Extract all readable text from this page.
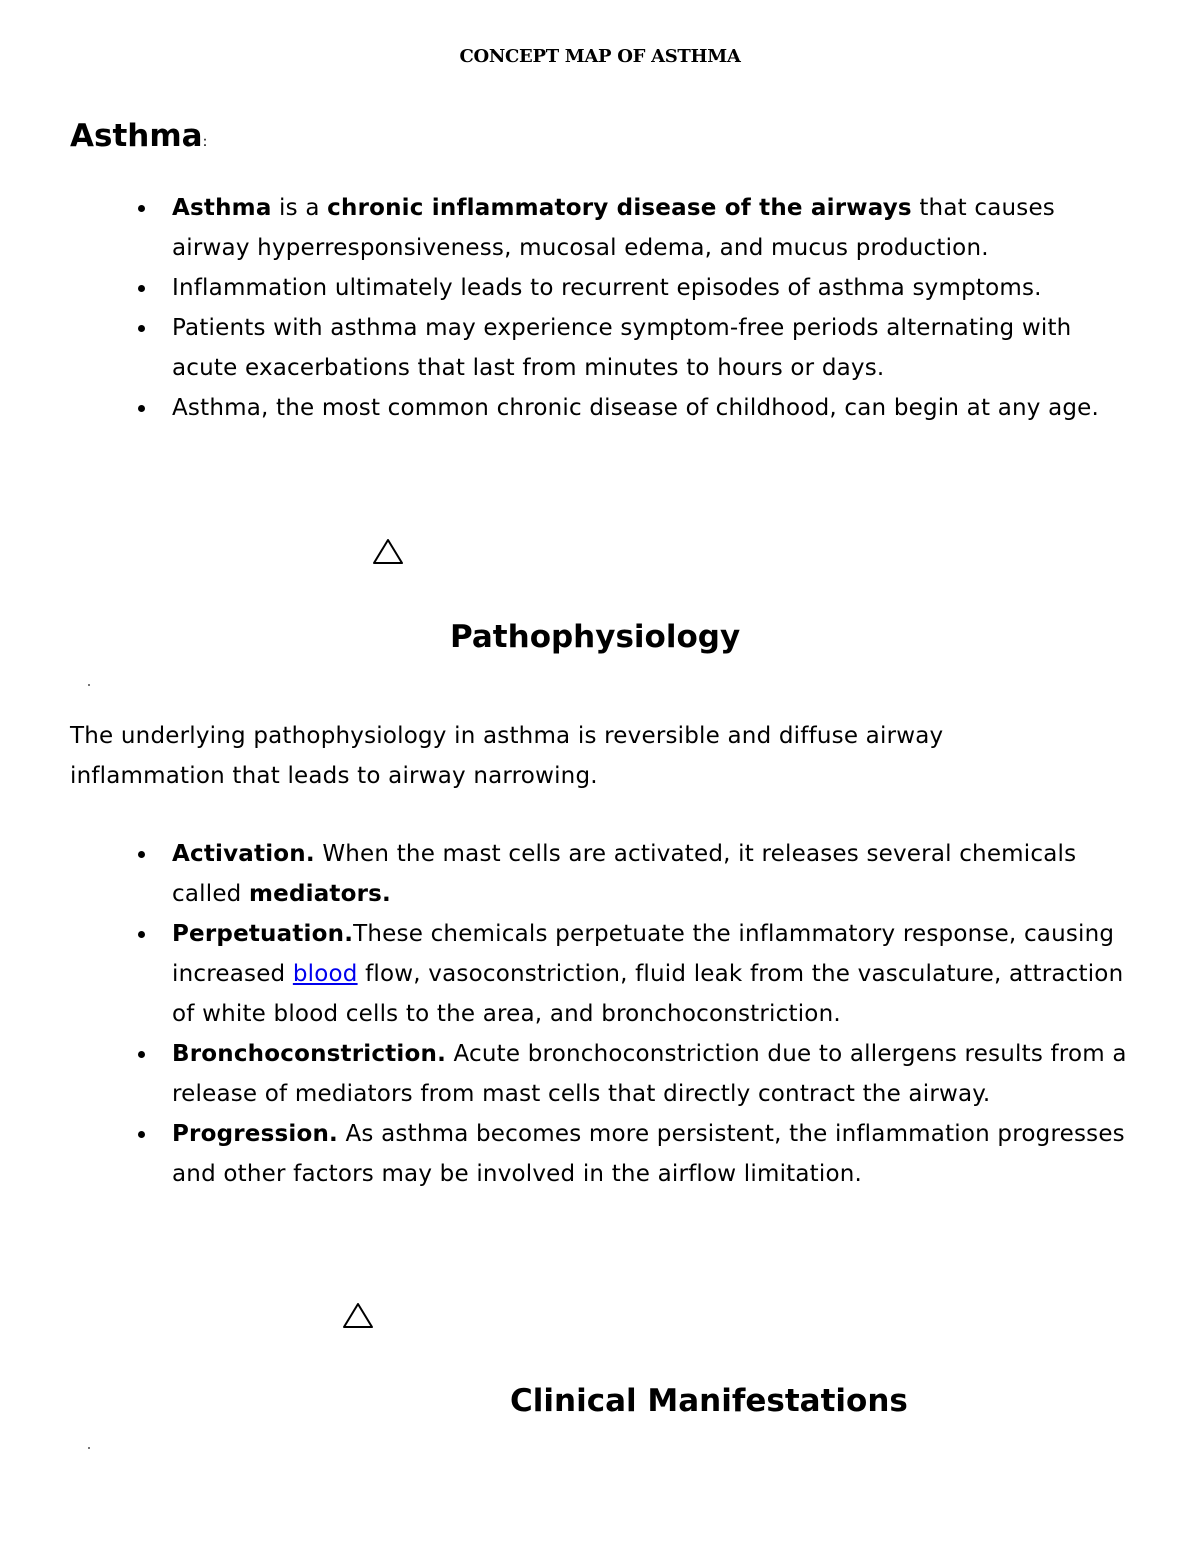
CONCEPT MAP OF ASTHMA
Asthma:
Asthma is a chronic inflammatory disease of the airways that causes airway hyperresponsiveness, mucosal edema, and mucus production.
Inflammation ultimately leads to recurrent episodes of asthma symptoms.
Patients with asthma may experience symptom-free periods alternating with acute exacerbations that last from minutes to hours or days.
Asthma, the most common chronic disease of childhood, can begin at any age.
Pathophysiology

The underlying pathophysiology in asthma is reversible and diffuse airway inflammation that leads to airway narrowing.

Activation. When the mast cells are activated, it releases several chemicals called mediators.
Perpetuation.These chemicals perpetuate the inflammatory response, causing increased blood flow, vasoconstriction, fluid leak from the vasculature, attraction of white blood cells to the area, and bronchoconstriction.
Bronchoconstriction. Acute bronchoconstriction due to allergens results from a release of mediators from mast cells that directly contract the airway.
Progression. As asthma becomes more persistent, the inflammation progresses and other factors may be involved in the airflow limitation.
Clinical Manifestations
